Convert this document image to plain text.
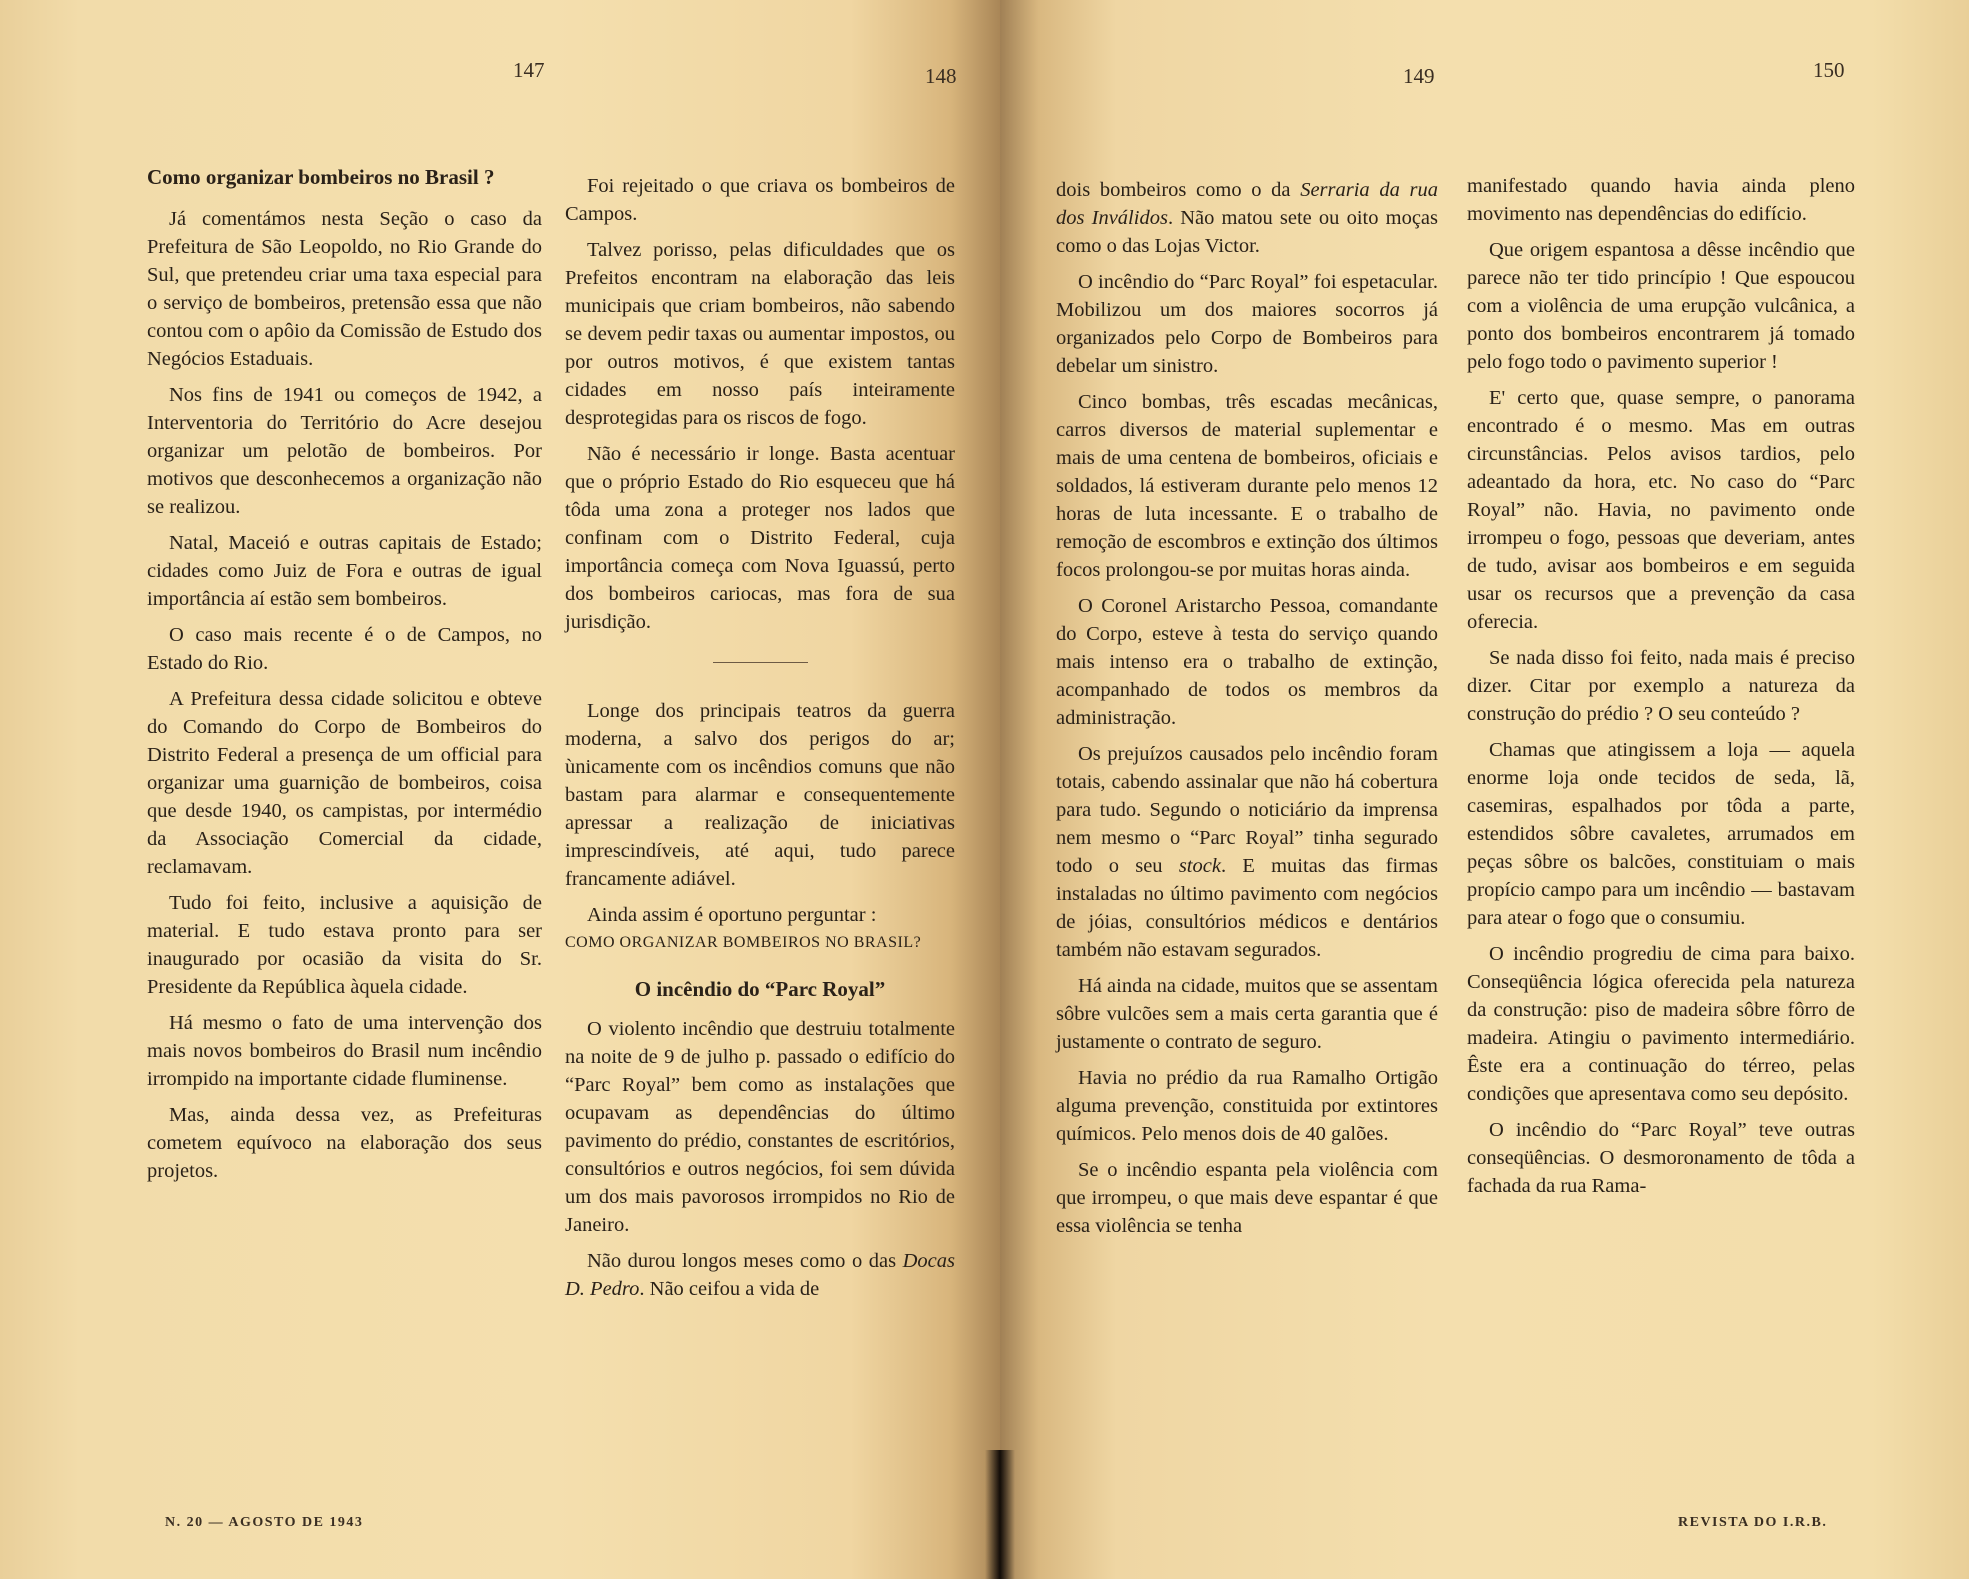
147	148
Como organizar bombeiros no Brasil ?

Já comentámos nesta Seção o caso da Prefeitura de São Leopoldo, no Rio Grande do Sul, que pretendeu criar uma taxa especial para o serviço de bombeiros, pretensão essa que não contou com o apôio da Comissão de Estudo dos Negócios Estaduais.

Nos fins de 1941 ou começos de 1942, a Interventoria do Território do Acre desejou organizar um pelotão de bombeiros. Por motivos que desconhecemos a organização não se realizou.

Natal, Maceió e outras capitais de Estado; cidades como Juiz de Fora e outras de igual importância aí estão sem bombeiros.

O caso mais recente é o de Campos, no Estado do Rio.

A Prefeitura dessa cidade solicitou e obteve do Comando do Corpo de Bombeiros do Distrito Federal a presença de um official para organizar uma guarnição de bombeiros, coisa que desde 1940, os campistas, por intermédio da Associação Comercial da cidade, reclamavam.

Tudo foi feito, inclusive a aquisição de material. E tudo estava pronto para ser inaugurado por ocasião da visita do Sr. Presidente da República àquela cidade.

Há mesmo o fato de uma intervenção dos mais novos bombeiros do Brasil num incêndio irrompido na importante cidade fluminense.

Mas, ainda dessa vez, as Prefeituras cometem equívoco na elaboração dos seus projetos.

Foi rejeitado o que criava os bombeiros de Campos.

Talvez porisso, pelas dificuldades que os Prefeitos encontram na elaboração das leis municipais que criam bombeiros, não sabendo se devem pedir taxas ou aumentar impostos, ou por outros motivos, é que existem tantas cidades em nosso país inteiramente desprotegidas para os riscos de fogo.

Não é necessário ir longe. Basta acentuar que o próprio Estado do Rio esqueceu que há tôda uma zona a proteger nos lados que confinam com o Distrito Federal, cuja importância começa com Nova Iguassú, perto dos bombeiros cariocas, mas fora de sua jurisdição.

Longe dos principais teatros da guerra moderna, a salvo dos perigos do ar; ùnicamente com os incêndios comuns que não bastam para alarmar e consequentemente apressar a realização de iniciativas imprescindíveis, até aqui, tudo parece francamente adiável.

Ainda assim é oportuno perguntar :

COMO ORGANIZAR BOMBEIROS NO BRASIL?

O incêndio do “Parc Royal”

O violento incêndio que destruiu totalmente na noite de 9 de julho p. passado o edifício do “Parc Royal” bem como as instalações que ocupavam as dependências do último pavimento do prédio, constantes de escritórios, consultórios e outros negócios, foi sem dúvida um dos mais pavorosos irrompidos no Rio de Janeiro.

Não durou longos meses como o das Docas D. Pedro. Não ceifou a vida de

N. 20 — AGOSTO DE 1943
149	150

dois bombeiros como o da Serraria da rua dos Inválidos. Não matou sete ou oito moças como o das Lojas Victor.

O incêndio do “Parc Royal” foi espetacular. Mobilizou um dos maiores socorros já organizados pelo Corpo de Bombeiros para debelar um sinistro.

Cinco bombas, três escadas mecânicas, carros diversos de material suplementar e mais de uma centena de bombeiros, oficiais e soldados, lá estiveram durante pelo menos 12 horas de luta incessante. E o trabalho de remoção de escombros e extinção dos últimos focos prolongou-se por muitas horas ainda.

O Coronel Aristarcho Pessoa, comandante do Corpo, esteve à testa do serviço quando mais intenso era o trabalho de extinção, acompanhado de todos os membros da administração.

Os prejuízos causados pelo incêndio foram totais, cabendo assinalar que não há cobertura para tudo. Segundo o noticiário da imprensa nem mesmo o “Parc Royal” tinha segurado todo o seu stock. E muitas das firmas instaladas no último pavimento com negócios de jóias, consultórios médicos e dentários também não estavam segurados.

Há ainda na cidade, muitos que se assentam sôbre vulcões sem a mais certa garantia que é justamente o contrato de seguro.

Havia no prédio da rua Ramalho Ortigão alguma prevenção, constituida por extintores químicos. Pelo menos dois de 40 galões.

Se o incêndio espanta pela violência com que irrompeu, o que mais deve espantar é que essa violência se tenha

manifestado quando havia ainda pleno movimento nas dependências do edifício.

Que origem espantosa a dêsse incêndio que parece não ter tido princípio ! Que espoucou com a violência de uma erupção vulcânica, a ponto dos bombeiros encontrarem já tomado pelo fogo todo o pavimento superior !

E' certo que, quase sempre, o panorama encontrado é o mesmo. Mas em outras circunstâncias. Pelos avisos tardios, pelo adeantado da hora, etc. No caso do “Parc Royal” não. Havia, no pavimento onde irrompeu o fogo, pessoas que deveriam, antes de tudo, avisar aos bombeiros e em seguida usar os recursos que a prevenção da casa oferecia.

Se nada disso foi feito, nada mais é preciso dizer. Citar por exemplo a natureza da construção do prédio ? O seu conteúdo ?

Chamas que atingissem a loja — aquela enorme loja onde tecidos de seda, lã, casemiras, espalhados por tôda a parte, estendidos sôbre cavaletes, arrumados em peças sôbre os balcões, constituiam o mais propício campo para um incêndio — bastavam para atear o fogo que o consumiu.

O incêndio progrediu de cima para baixo. Conseqüência lógica oferecida pela natureza da construção: piso de madeira sôbre fôrro de madeira. Atingiu o pavimento intermediário. Êste era a continuação do térreo, pelas condições que apresentava como seu depósito.

O incêndio do “Parc Royal” teve outras conseqüências. O desmoronamento de tôda a fachada da rua Rama-

REVISTA DO I.R.B.
